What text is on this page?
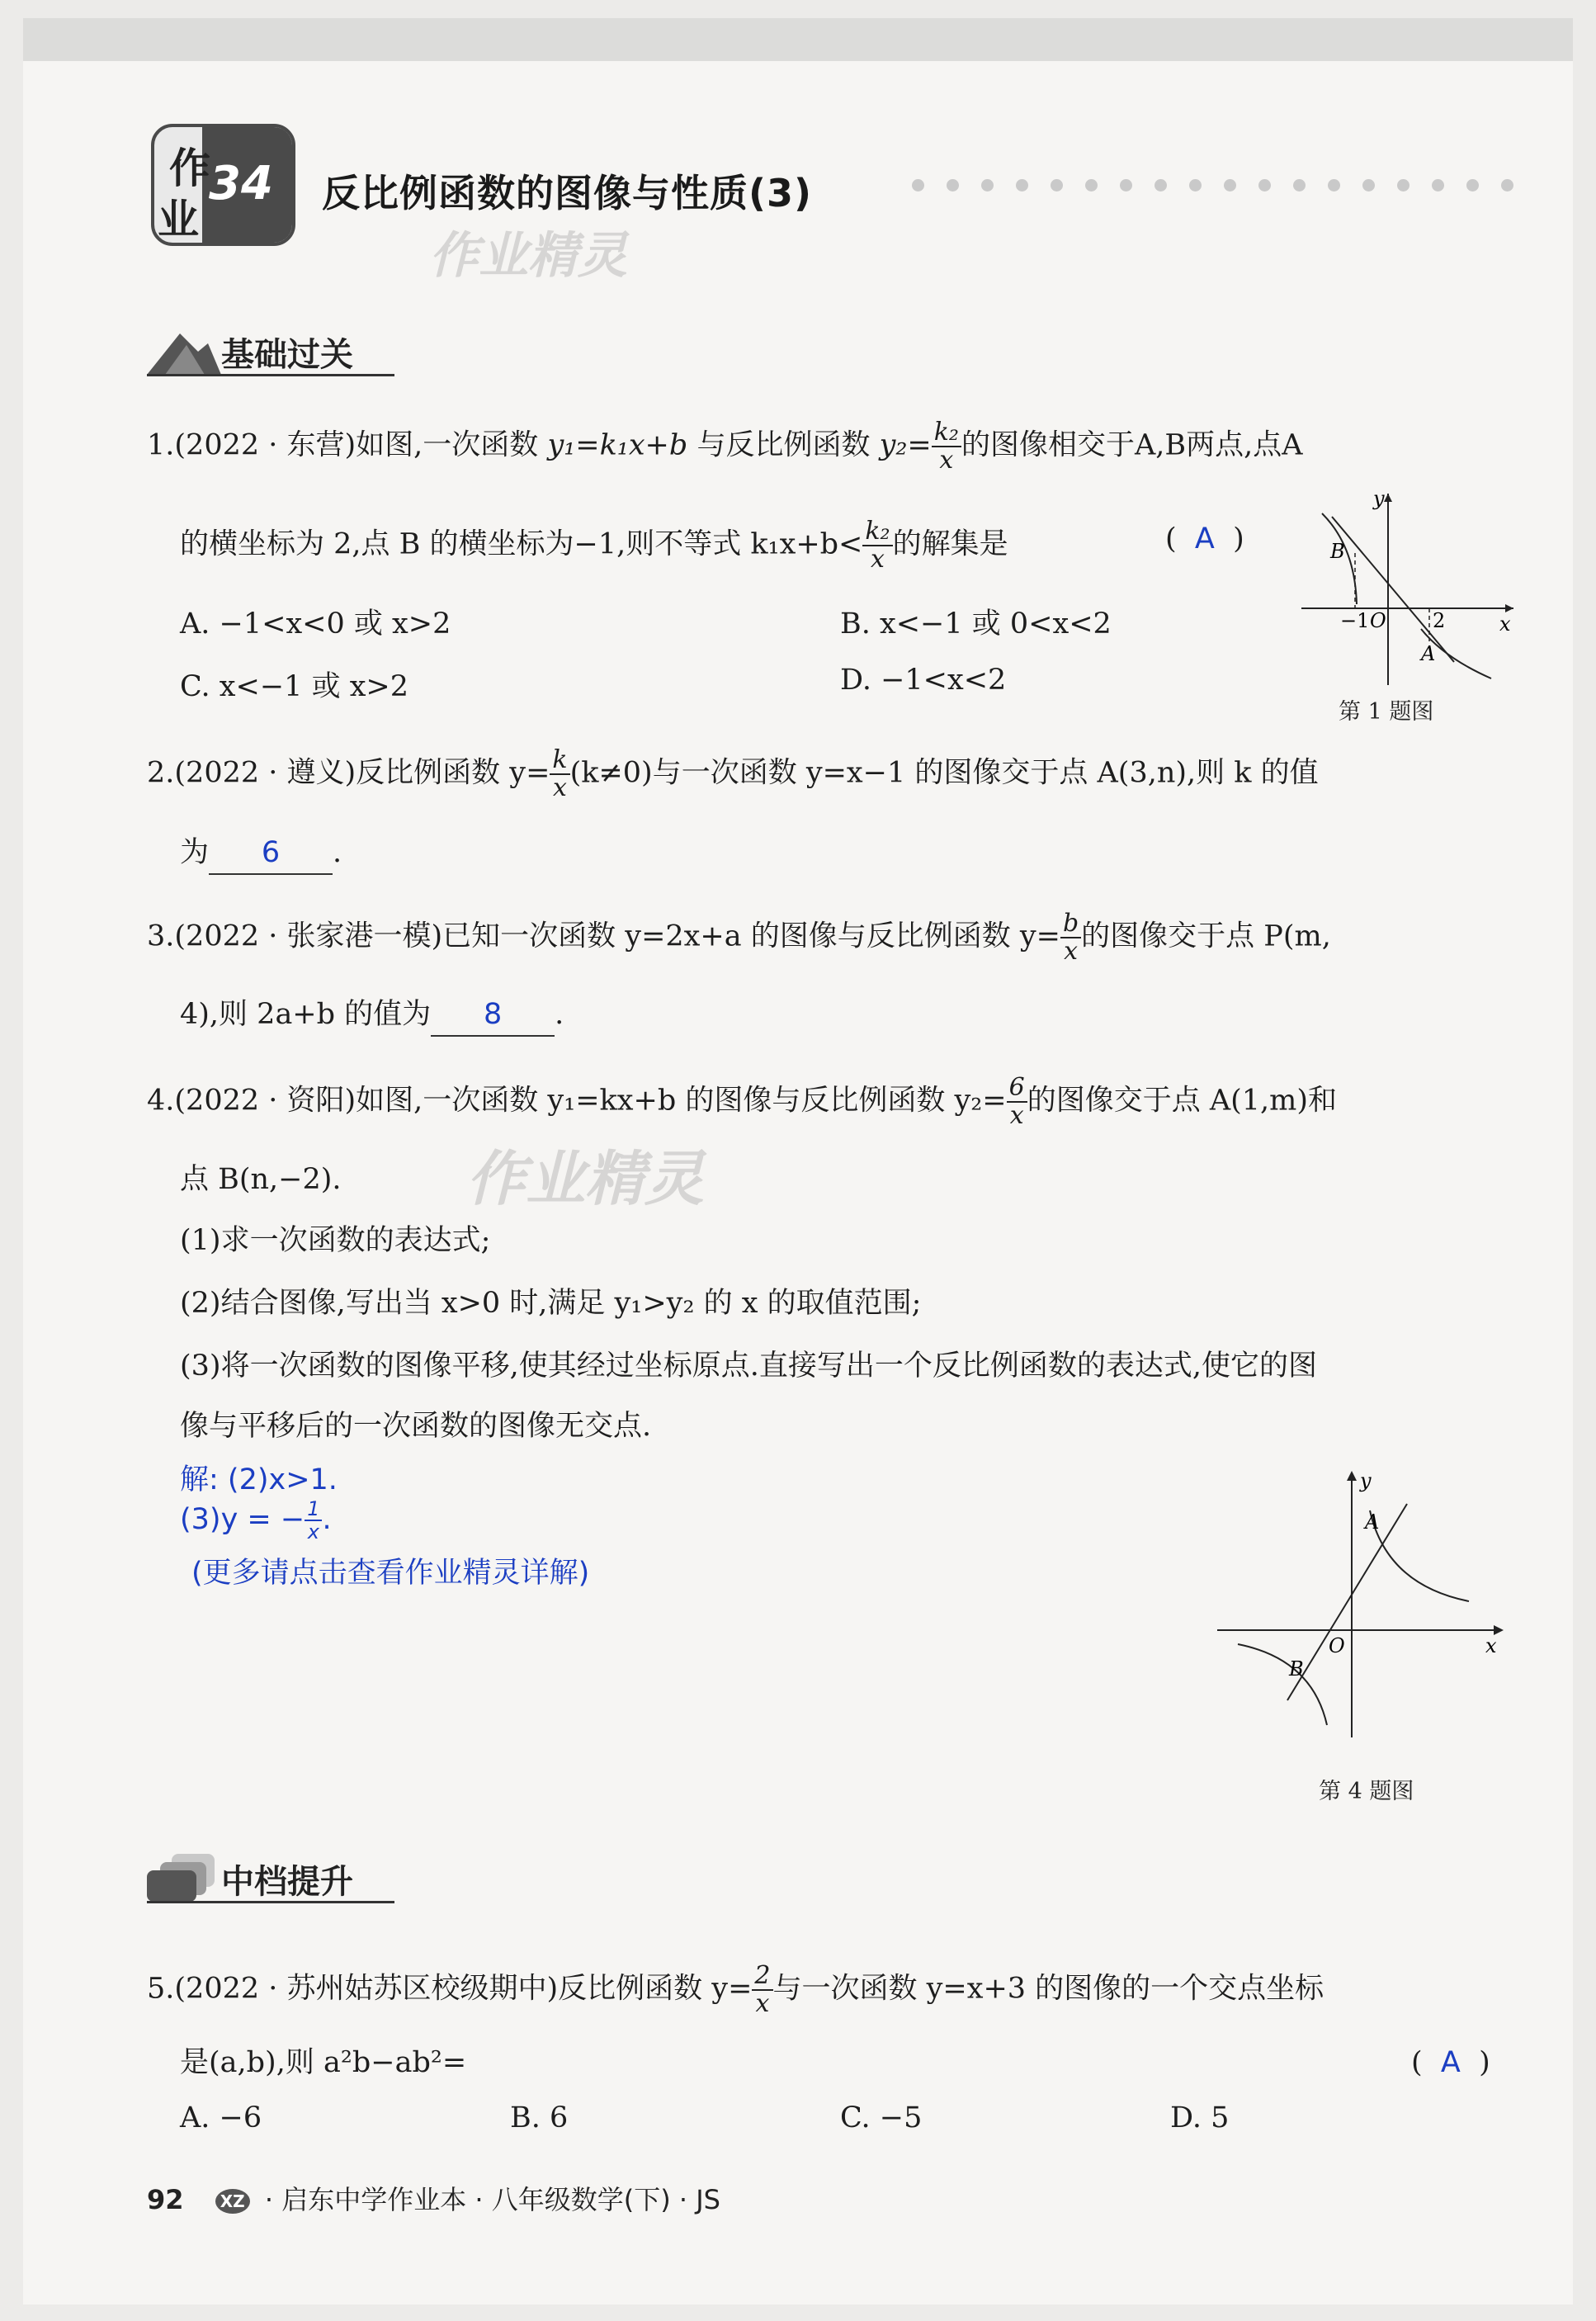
作
业
34 反比例函数的图像与性质(3)
作业精灵
作业精灵
基础过关
1.(2022 · 东营)如图,一次函数 y₁=k₁x+b 与反比例函数 $y_2= \frac{\text{k₂}}{x}$ 的图像相交于A,B两点,点A
的横坐标为 2,点 B 的横坐标为−1,则不等式 $k_1x+b< \frac{\text{k₂}}{x}$ 的解集是	( A )
A. −1<x<0 或 x>2	B. x<−1 或 0<x<2
C. x<−1 或 x>2	D. −1<x<2
y
x
B
A
−1 O 2
第 1 题图
2.(2022 · 遵义)反比例函数 $y= \frac{k}{x} (k\ne 0)$与一次函数 y=x−1 的图像交于点 A(3,n),则 k 的值
为 6 .
3.(2022 · 张家港一模)已知一次函数 y=2x+a 的图像与反比例函数 $y= \frac{b}{x}$ 的图像交于点 P(m,
4),则 2a+b 的值为 8 .
4.(2022 · 资阳)如图,一次函数 y₁=kx+b 的图像与反比例函数 $y_2= \frac{6}{x}$ 的图像交于点 A(1,m)和
点 B(n,−2).
(1)求一次函数的表达式;
(2)结合图像,写出当 x>0 时,满足 y₁>y₂ 的 x 的取值范围;
(3)将一次函数的图像平移,使其经过坐标原点.直接写出一个反比例函数的表达式,使它的图
像与平移后的一次函数的图像无交点.
解: (2)x>1.
(3)y = − $\frac{1}{x}$ .
(更多请点击查看作业精灵详解)
y
x
A
B
O
第 4 题图
中档提升
5.(2022 · 苏州姑苏区校级期中)反比例函数 $y= \frac{2}{x}$ 与一次函数 y=x+3 的图像的一个交点坐标
是(a,b),则 a²b−ab²=	( A )
A. −6	B. 6	C. −5	D. 5
92 XZ · 启东中学作业本 · 八年级数学(下) · JS
